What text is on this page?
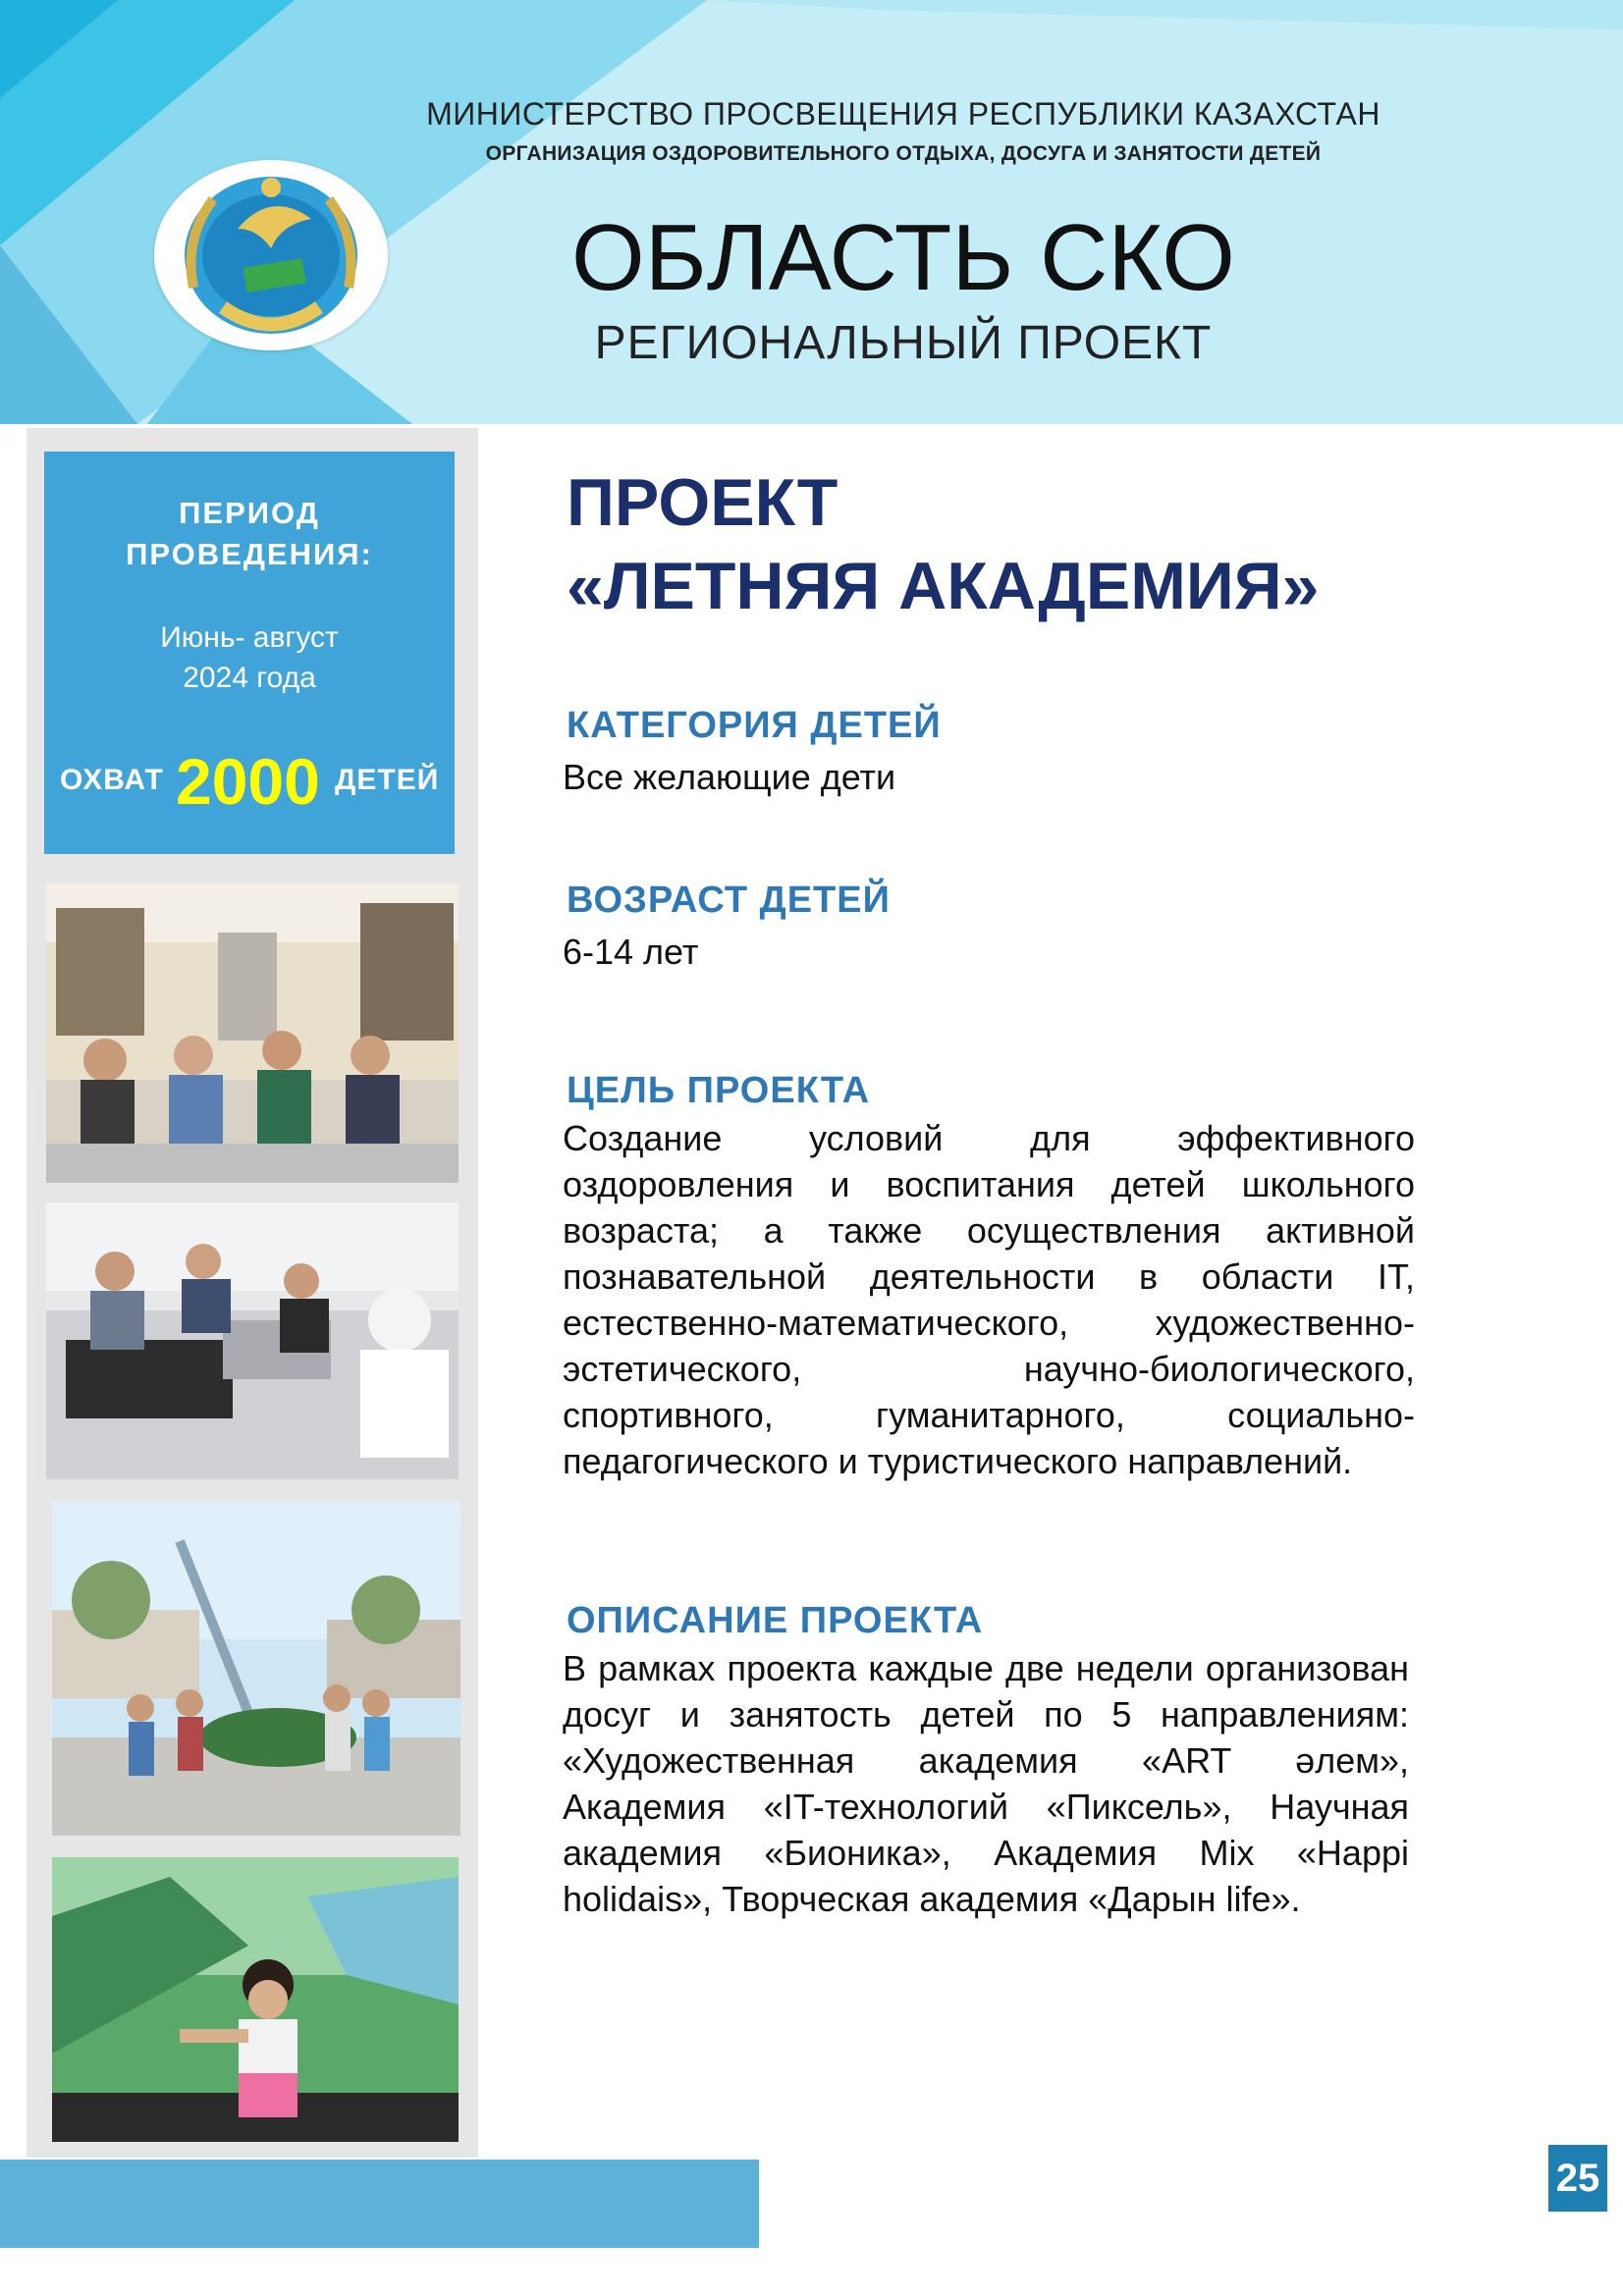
МИНИСТЕРСТВО ПРОСВЕЩЕНИЯ РЕСПУБЛИКИ КАЗАХСТАН
ОРГАНИЗАЦИЯ ОЗДОРОВИТЕЛЬНОГО ОТДЫХА, ДОСУГА И ЗАНЯТОСТИ ДЕТЕЙ
ОБЛАСТЬ СКО
РЕГИОНАЛЬНЫЙ ПРОЕКТ
ПЕРИОД
ПРОВЕДЕНИЯ:
Июнь- август
2024 года
ОХВАТ 2000 ДЕТЕЙ
ПРОЕКТ
«ЛЕТНЯЯ АКАДЕМИЯ»
КАТЕГОРИЯ ДЕТЕЙ
Все желающие дети
ВОЗРАСТ ДЕТЕЙ
6-14 лет
ЦЕЛЬ ПРОЕКТА
Создание условий для эффективного оздоровления и воспитания детей школьного возраста; а также осуществления активной познавательной деятельности в области IT, естественно-математического, художественно-эстетического, научно-биологического, спортивного, гуманитарного, социально-педагогического и туристического направлений.
ОПИСАНИЕ ПРОЕКТА
В рамках проекта каждые две недели организован досуг и занятость детей по 5 направлениям: «Художественная академия «ART әлем», Академия «IT-технологий «Пиксель», Научная академия «Бионика», Академия Mix «Happi holidais», Творческая академия «Дарын life».
25
